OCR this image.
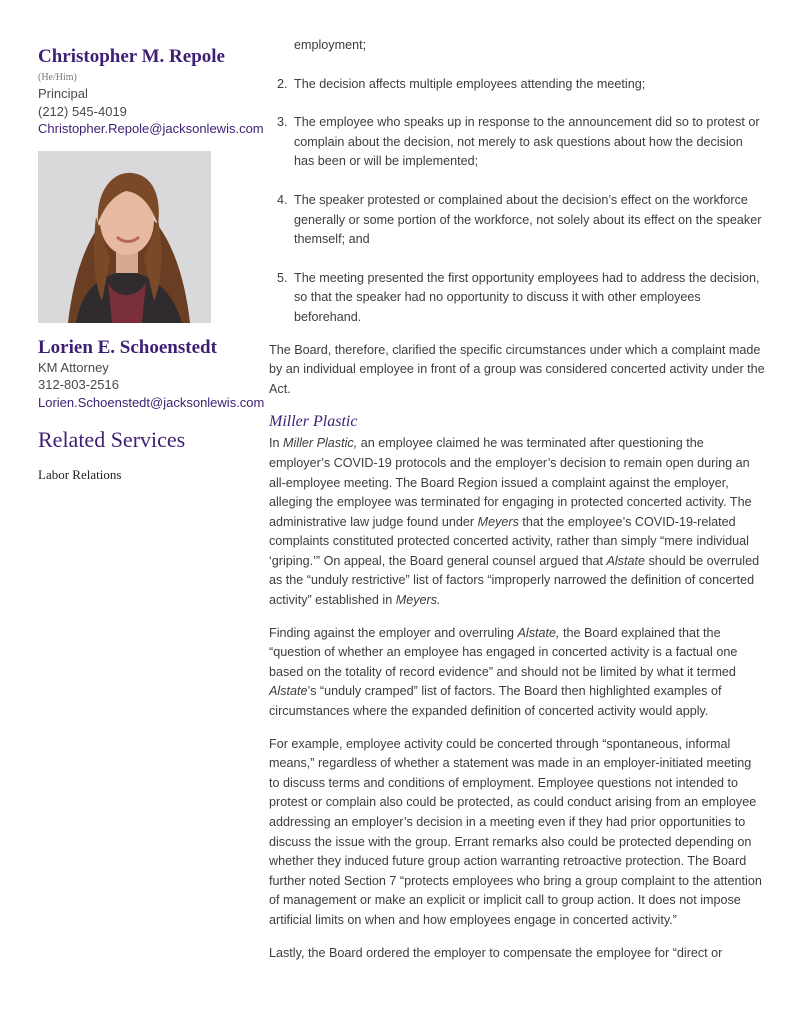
Christopher M. Repole
(He/Him)
Principal
(212) 545-4019
Christopher.Repole@jacksonlewis.com
Lorien E. Schoenstedt
KM Attorney
312-803-2516
Lorien.Schoenstedt@jacksonlewis.com
Related Services
Labor Relations

employment;

2. The decision affects multiple employees attending the meeting;
3. The employee who speaks up in response to the announcement did so to protest or complain about the decision, not merely to ask questions about how the decision has been or will be implemented;
4. The speaker protested or complained about the decision’s effect on the workforce generally or some portion of the workforce, not solely about its effect on the speaker themself; and
5. The meeting presented the first opportunity employees had to address the decision, so that the speaker had no opportunity to discuss it with other employees beforehand.

The Board, therefore, clarified the specific circumstances under which a complaint made by an individual employee in front of a group was considered concerted activity under the Act.

Miller Plastic

In Miller Plastic, an employee claimed he was terminated after questioning the employer’s COVID-19 protocols and the employer’s decision to remain open during an all-employee meeting. The Board Region issued a complaint against the employer, alleging the employee was terminated for engaging in protected concerted activity. The administrative law judge found under Meyers that the employee’s COVID-19-related complaints constituted protected concerted activity, rather than simply “mere individual ‘griping.’” On appeal, the Board general counsel argued that Alstate should be overruled as the “unduly restrictive” list of factors “improperly narrowed the definition of concerted activity” established in Meyers.

Finding against the employer and overruling Alstate, the Board explained that the “question of whether an employee has engaged in concerted activity is a factual one based on the totality of record evidence” and should not be limited by what it termed Alstate’s “unduly cramped” list of factors. The Board then highlighted examples of circumstances where the expanded definition of concerted activity would apply.

For example, employee activity could be concerted through “spontaneous, informal means,” regardless of whether a statement was made in an employer-initiated meeting to discuss terms and conditions of employment. Employee questions not intended to protest or complain also could be protected, as could conduct arising from an employee addressing an employer’s decision in a meeting even if they had prior opportunities to discuss the issue with the group. Errant remarks also could be protected depending on whether they induced future group action warranting retroactive protection. The Board further noted Section 7 “protects employees who bring a group complaint to the attention of management or make an explicit or implicit call to group action. It does not impose artificial limits on when and how employees engage in concerted activity.”

Lastly, the Board ordered the employer to compensate the employee for “direct or
